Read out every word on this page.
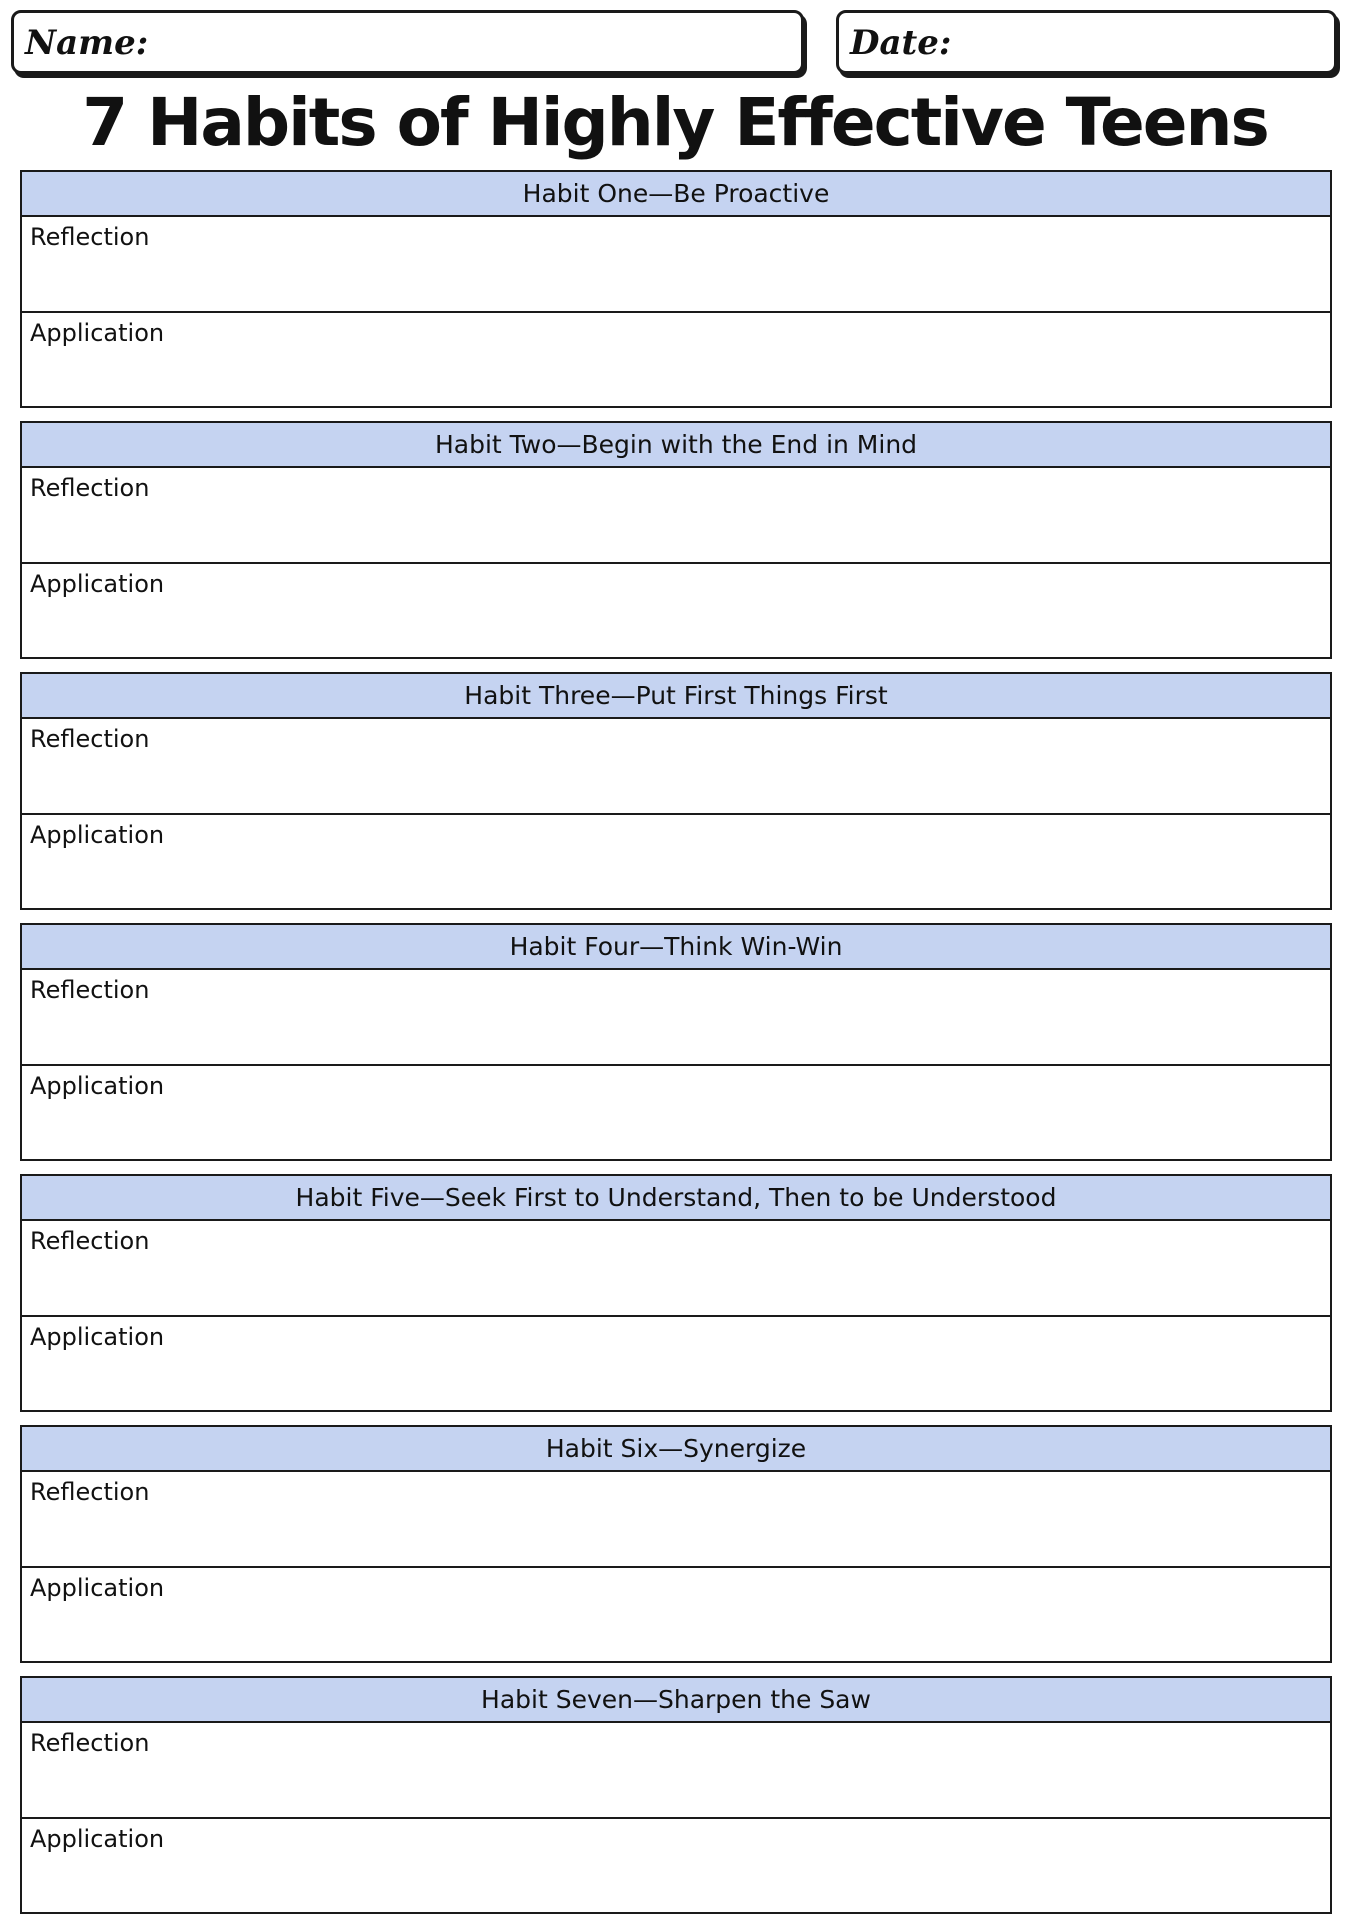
Name:	Date:
7 Habits of Highly Effective Teens
Habit One—Be Proactive
Reflection
Application
Habit Two—Begin with the End in Mind
Reflection
Application
Habit Three—Put First Things First
Reflection
Application
Habit Four—Think Win-Win
Reflection
Application
Habit Five—Seek First to Understand, Then to be Understood
Reflection
Application
Habit Six—Synergize
Reflection
Application
Habit Seven—Sharpen the Saw
Reflection
Application
